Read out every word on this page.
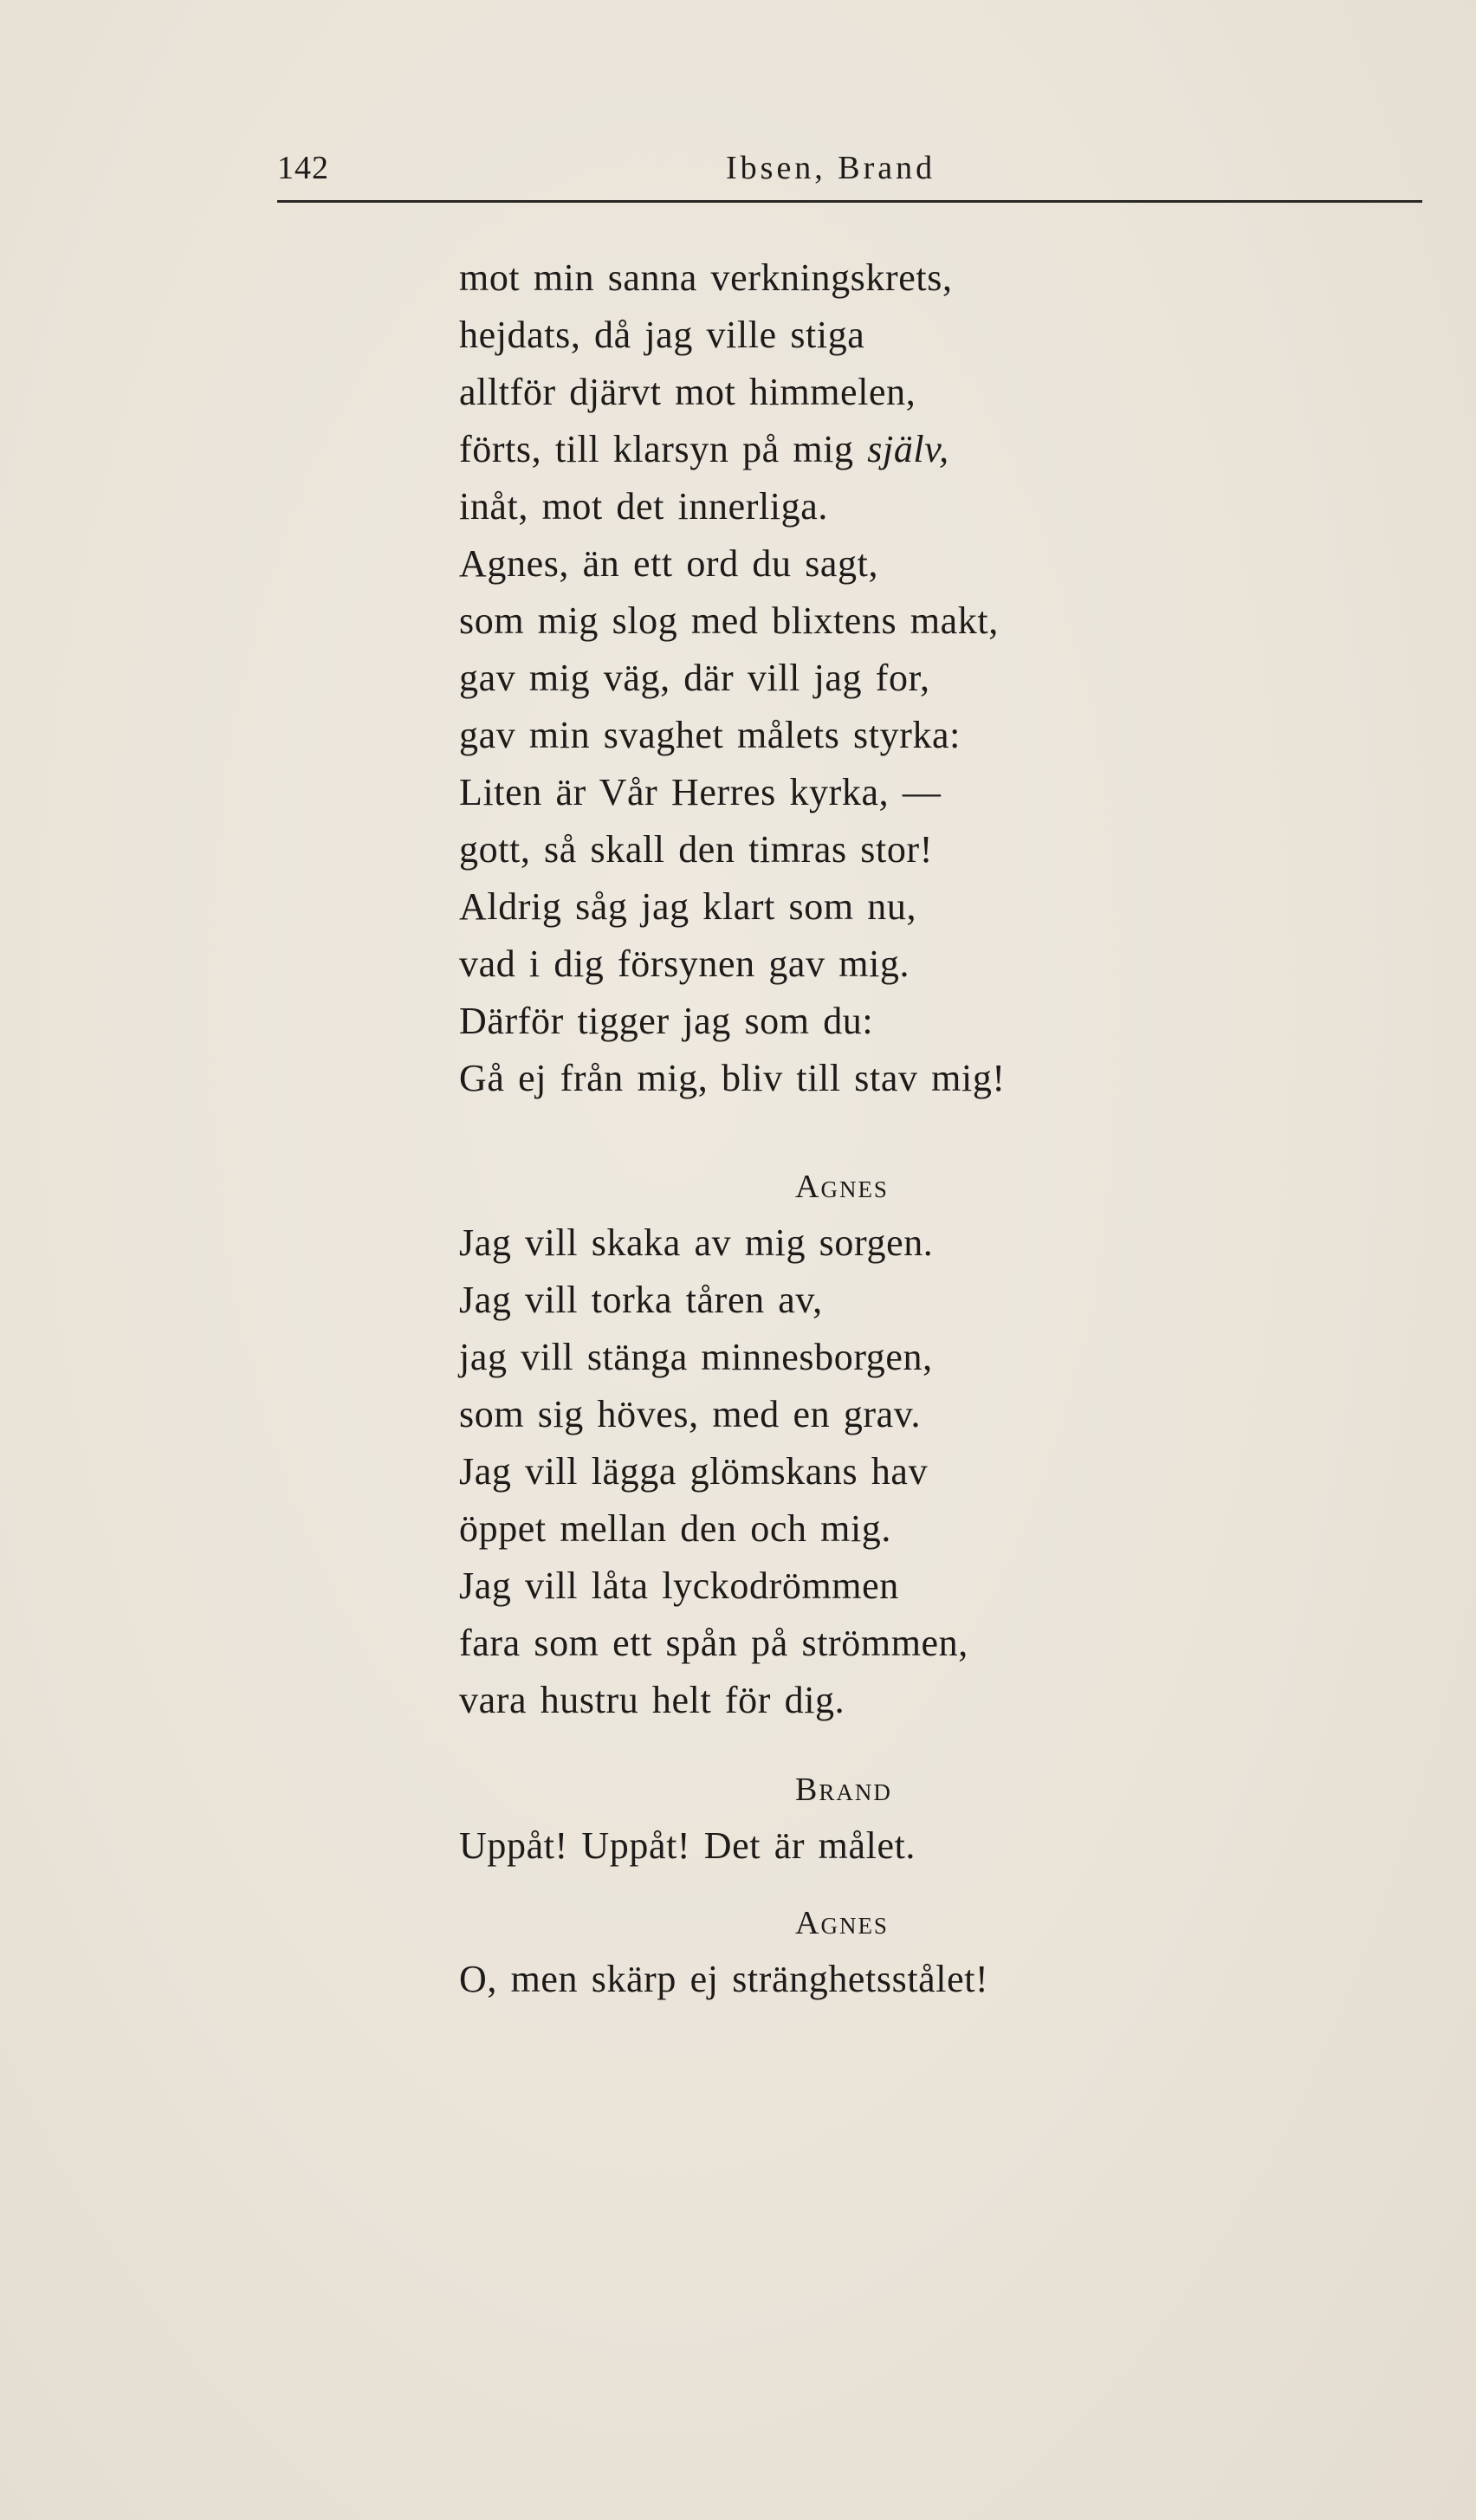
142	Ibsen, Brand
mot min sanna verkningskrets,
hejdats, då jag ville stiga
alltför djärvt mot himmelen,
förts, till klarsyn på mig själv,
inåt, mot det innerliga.
Agnes, än ett ord du sagt,
som mig slog med blixtens makt,
gav mig väg, där vill jag for,
gav min svaghet målets styrka:
Liten är Vår Herres kyrka, —
gott, så skall den timras stor!
Aldrig såg jag klart som nu,
vad i dig försynen gav mig.
Därför tigger jag som du:
Gå ej från mig, bliv till stav mig!
Agnes
Jag vill skaka av mig sorgen.
Jag vill torka tåren av,
jag vill stänga minnesborgen,
som sig höves, med en grav.
Jag vill lägga glömskans hav
öppet mellan den och mig.
Jag vill låta lyckodrömmen
fara som ett spån på strömmen,
vara hustru helt för dig.
Brand
Uppåt! Uppåt! Det är målet.
Agnes
O, men skärp ej stränghetsstålet!
